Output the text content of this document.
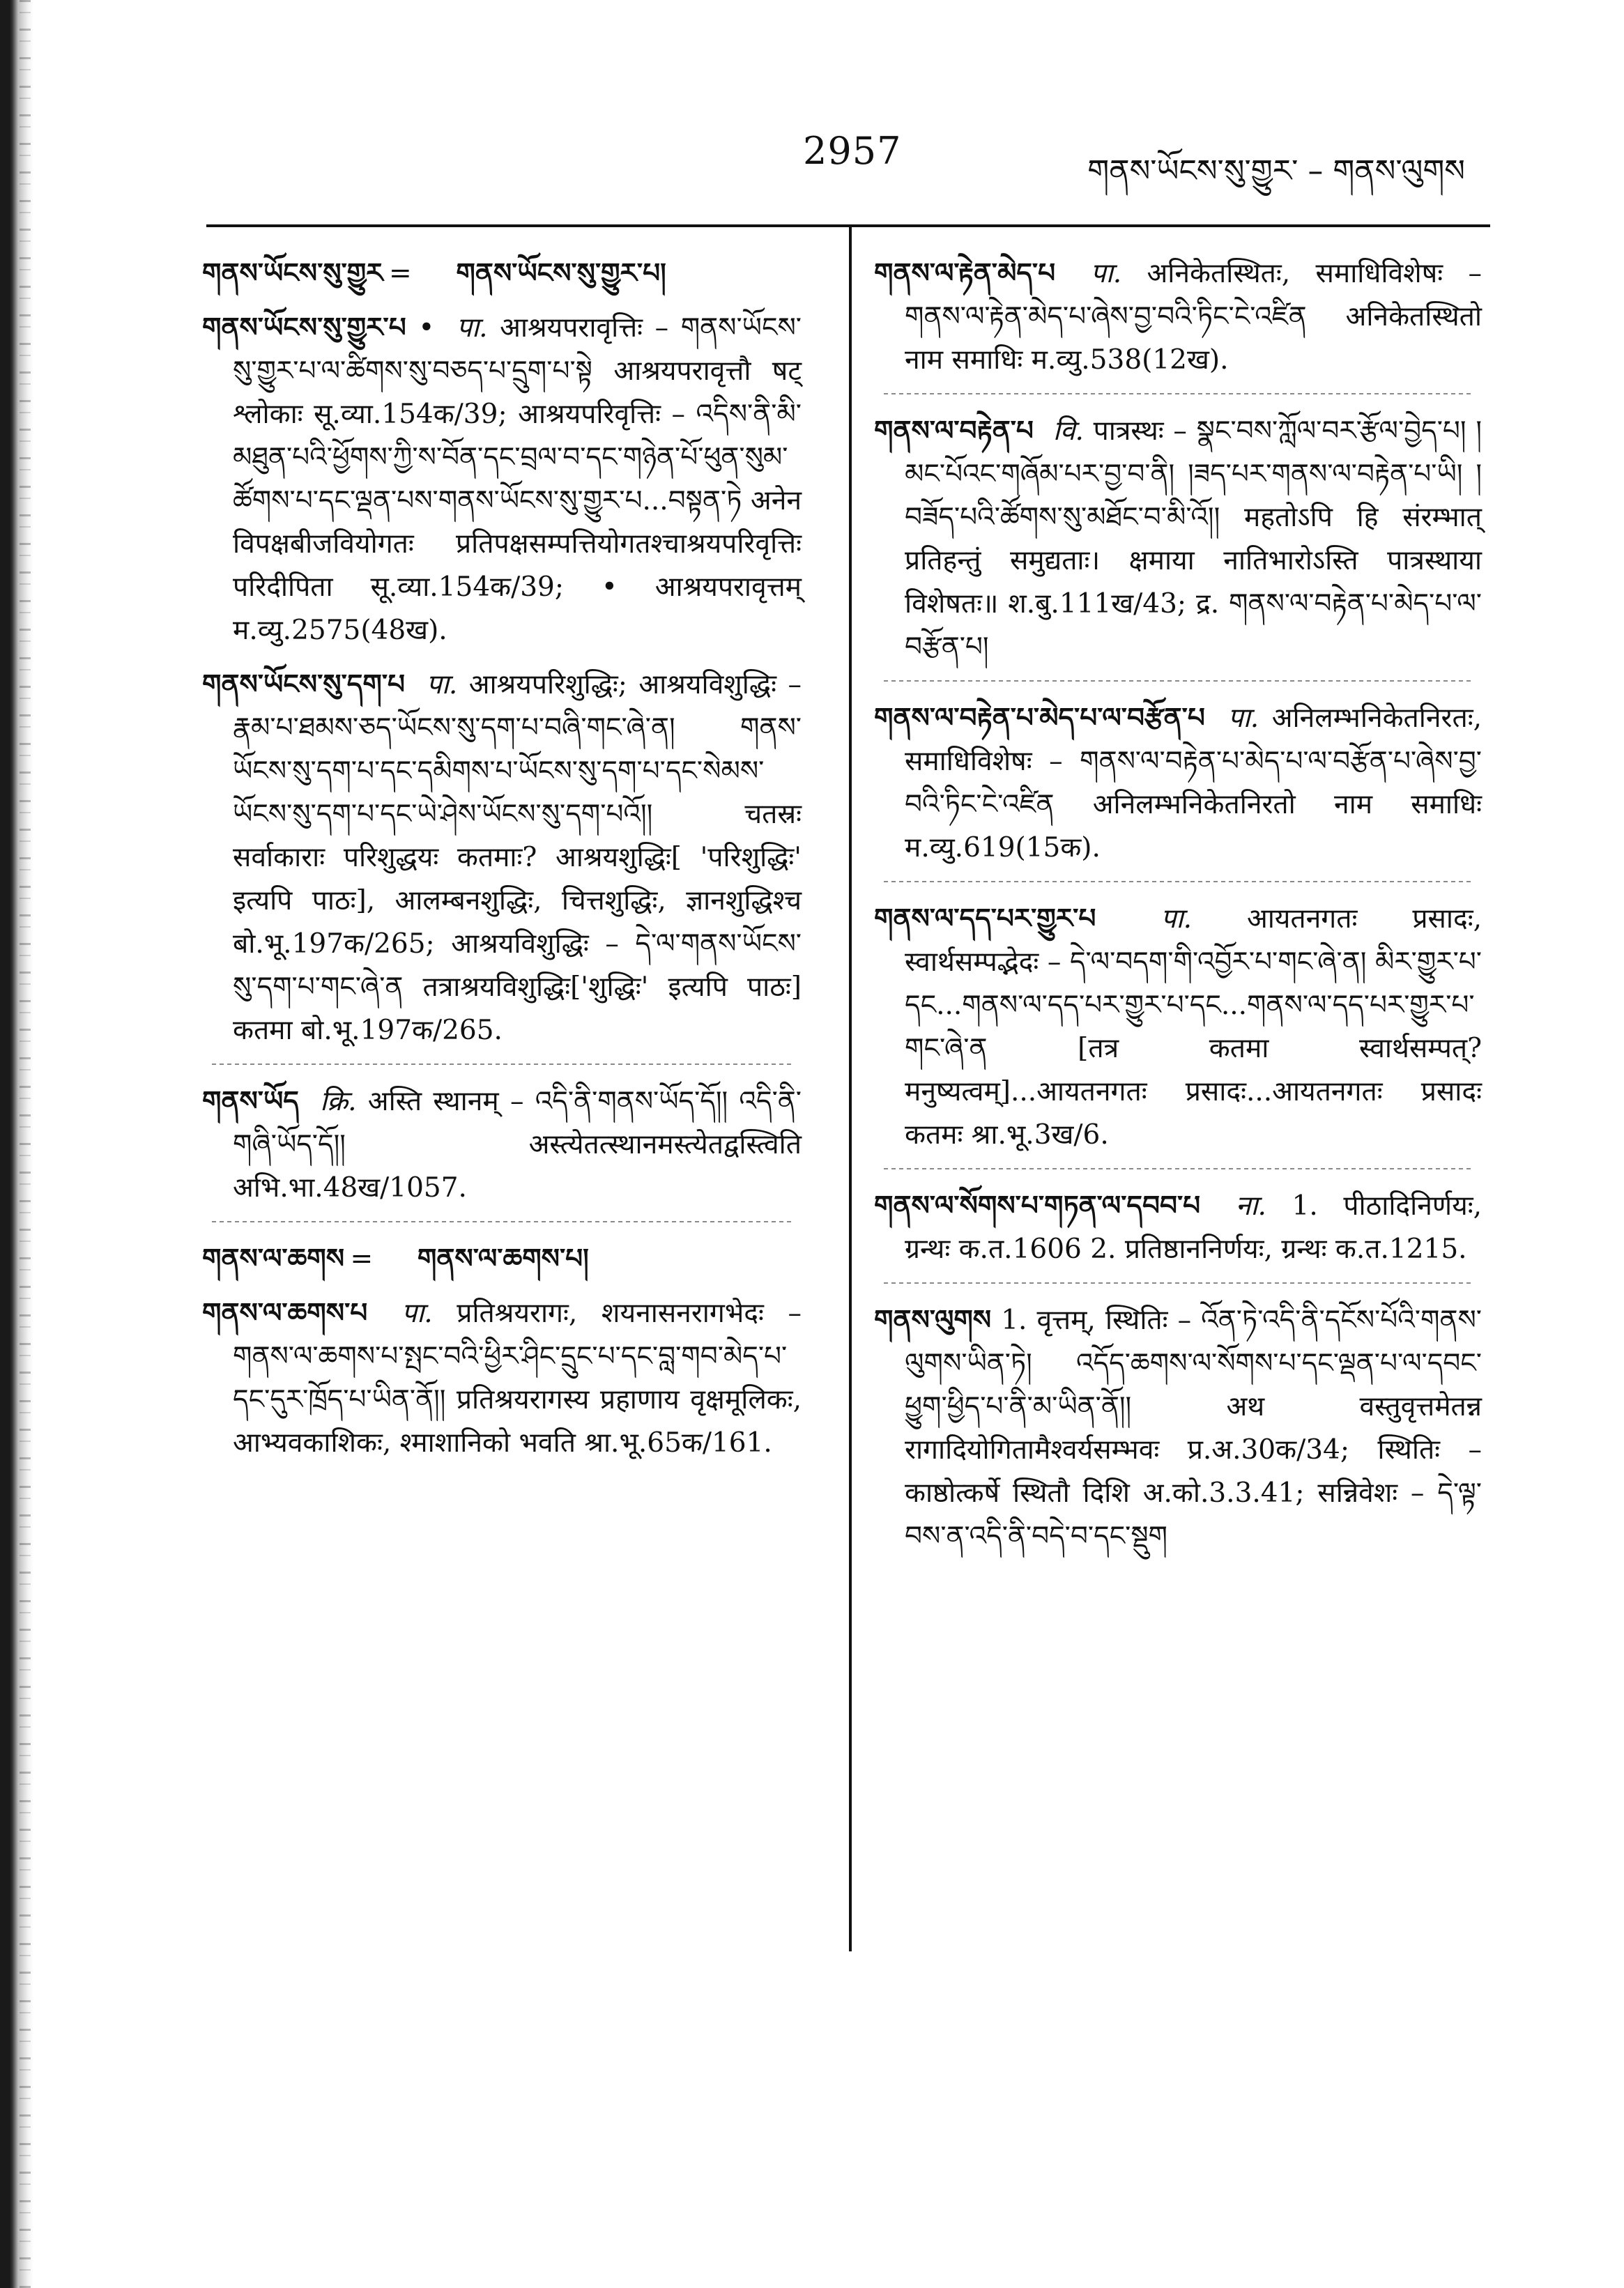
2957	གནས་ཡོངས་སུ་གྱུར་ – གནས་ལུགས
གནས་ཡོངས་སུ་གྱུར = གནས་ཡོངས་སུ་གྱུར་པ།
གནས་ཡོངས་སུ་གྱུར་པ • पा. आश्रयपरावृत्तिः – གནས་ཡོངས་སུ་གྱུར་པ་ལ་ཚིགས་སུ་བཅད་པ་དྲུག་པ་སྟེ आश्रयपरावृत्तौ षट् श्लोकाः सू.व्या.154क/39; आश्रयपरिवृत्तिः – འདིས་ནི་མི་མཐུན་པའི་ཕྱོགས་ཀྱི་ས་བོན་དང་བྲལ་བ་དང་གཉེན་པོ་ཕུན་སུམ་ཚོགས་པ་དང་ལྡན་པས་གནས་ཡོངས་སུ་གྱུར་པ...བསྟན་ཏེ अनेन विपक्षबीजवियोगतः प्रतिपक्षसम्पत्तियोगतश्चाश्रयपरिवृत्तिः परिदीपिता सू.व्या.154क/39; • आश्रयपरावृत्तम् म.व्यु.2575(48ख).
གནས་ཡོངས་སུ་དག་པ पा. आश्रयपरिशुद्धिः; आश्रयविशुद्धिः – རྣམ་པ་ཐམས་ཅད་ཡོངས་སུ་དག་པ་བཞི་གང་ཞེ་ན། གནས་ཡོངས་སུ་དག་པ་དང་དམིགས་པ་ཡོངས་སུ་དག་པ་དང་སེམས་ཡོངས་སུ་དག་པ་དང་ཡེ་ཤེས་ཡོངས་སུ་དག་པའོ།། चतस्रः सर्वाकाराः परिशुद्धयः कतमाः? आश्रयशुद्धिः[ 'परिशुद्धिः' इत्यपि पाठः], आलम्बनशुद्धिः, चित्तशुद्धिः, ज्ञानशुद्धिश्च बो.भू.197क/265; आश्रयविशुद्धिः – དེ་ལ་གནས་ཡོངས་སུ་དག་པ་གང་ཞེ་ན तत्राश्रयविशुद्धिः['शुद्धिः' इत्यपि पाठः] कतमा बो.भू.197क/265.
གནས་ཡོད क्रि. अस्ति स्थानम् – འདི་ནི་གནས་ཡོད་དོ།། འདི་ནི་གཞི་ཡོད་དོ།། अस्त्येतत्स्थानमस्त्येतद्वस्त्विति अभि.भा.48ख/1057.
གནས་ལ་ཆགས = གནས་ལ་ཆགས་པ།
གནས་ལ་ཆགས་པ पा. प्रतिश्रयरागः, शयनासनरागभेदः – གནས་ལ་ཆགས་པ་སྤང་བའི་ཕྱིར་ཤིང་དྲུང་པ་དང་བླ་གབ་མེད་པ་དང་དུར་ཁྲོད་པ་ཡིན་ནོ།། प्रतिश्रयरागस्य प्रहाणाय वृक्षमूलिकः, आभ्यवकाशिकः, श्माशानिको भवति श्रा.भू.65क/161.
གནས་ལ་རྟེན་མེད་པ पा. अनिकेतस्थितः, समाधिविशेषः – གནས་ལ་རྟེན་མེད་པ་ཞེས་བྱ་བའི་ཏིང་ངེ་འཛིན अनिकेतस्थितो नाम समाधिः म.व्यु.538(12ख).
གནས་ལ་བརྟེན་པ वि. पात्रस्थः – སྣང་བས་ཀློལ་བར་རྩོལ་བྱེད་པ། །མང་པོའང་གཞོམ་པར་བྱ་བ་ནི། །ཟད་པར་གནས་ལ་བརྟེན་པ་ཡི། །བཟོད་པའི་ཚོགས་སུ་མཐོང་བ་མི་འོ།། महतोऽपि हि संरम्भात् प्रतिहन्तुं समुद्यताः। क्षमाया नातिभारोऽस्ति पात्रस्थाया विशेषतः॥ श.बु.111ख/43; द्र. གནས་ལ་བརྟེན་པ་མེད་པ་ལ་བརྩོན་པ།
གནས་ལ་བརྟེན་པ་མེད་པ་ལ་བརྩོན་པ पा. अनिलम्भनिकेतनिरतः, समाधिविशेषः – གནས་ལ་བརྟེན་པ་མེད་པ་ལ་བརྩོན་པ་ཞེས་བྱ་བའི་ཏིང་ངེ་འཛིན अनिलम्भनिकेतनिरतो नाम समाधिः म.व्यु.619(15क).
གནས་ལ་དད་པར་གྱུར་པ पा. आयतनगतः प्रसादः, स्वार्थसम्पद्भेदः – དེ་ལ་བདག་གི་འབྱོར་པ་གང་ཞེ་ན། མིར་གྱུར་པ་དང...གནས་ལ་དད་པར་གྱུར་པ་དང...གནས་ལ་དད་པར་གྱུར་པ་གང་ཞེ་ན [तत्र कतमा स्वार्थसम्पत्? मनुष्यत्वम्]...आयतनगतः प्रसादः...आयतनगतः प्रसादः कतमः श्रा.भू.3ख/6.
གནས་ལ་སོགས་པ་གཏན་ལ་དབབ་པ ना. 1. पीठादिनिर्णयः, ग्रन्थः क.त.1606 2. प्रतिष्ठाननिर्णयः, ग्रन्थः क.त.1215.
གནས་ལུགས 1. वृत्तम्, स्थितिः – འོན་ཏེ་འདི་ནི་དངོས་པོའི་གནས་ལུགས་ཡིན་ཏེ། འདོད་ཆགས་ལ་སོགས་པ་དང་ལྡན་པ་ལ་དབང་ཕྱུག་ཕྱིད་པ་ནི་མ་ཡིན་ནོ།། अथ वस्तुवृत्तमेतन्न रागादियोगितामैश्वर्यसम्भवः प्र.अ.30क/34; स्थितिः – काष्ठोत्कर्षे स्थितौ दिशि अ.को.3.3.41; सन्निवेशः – དེ་ལྟ་བས་ན་འདི་ནི་བདེ་བ་དང་སྡུག
